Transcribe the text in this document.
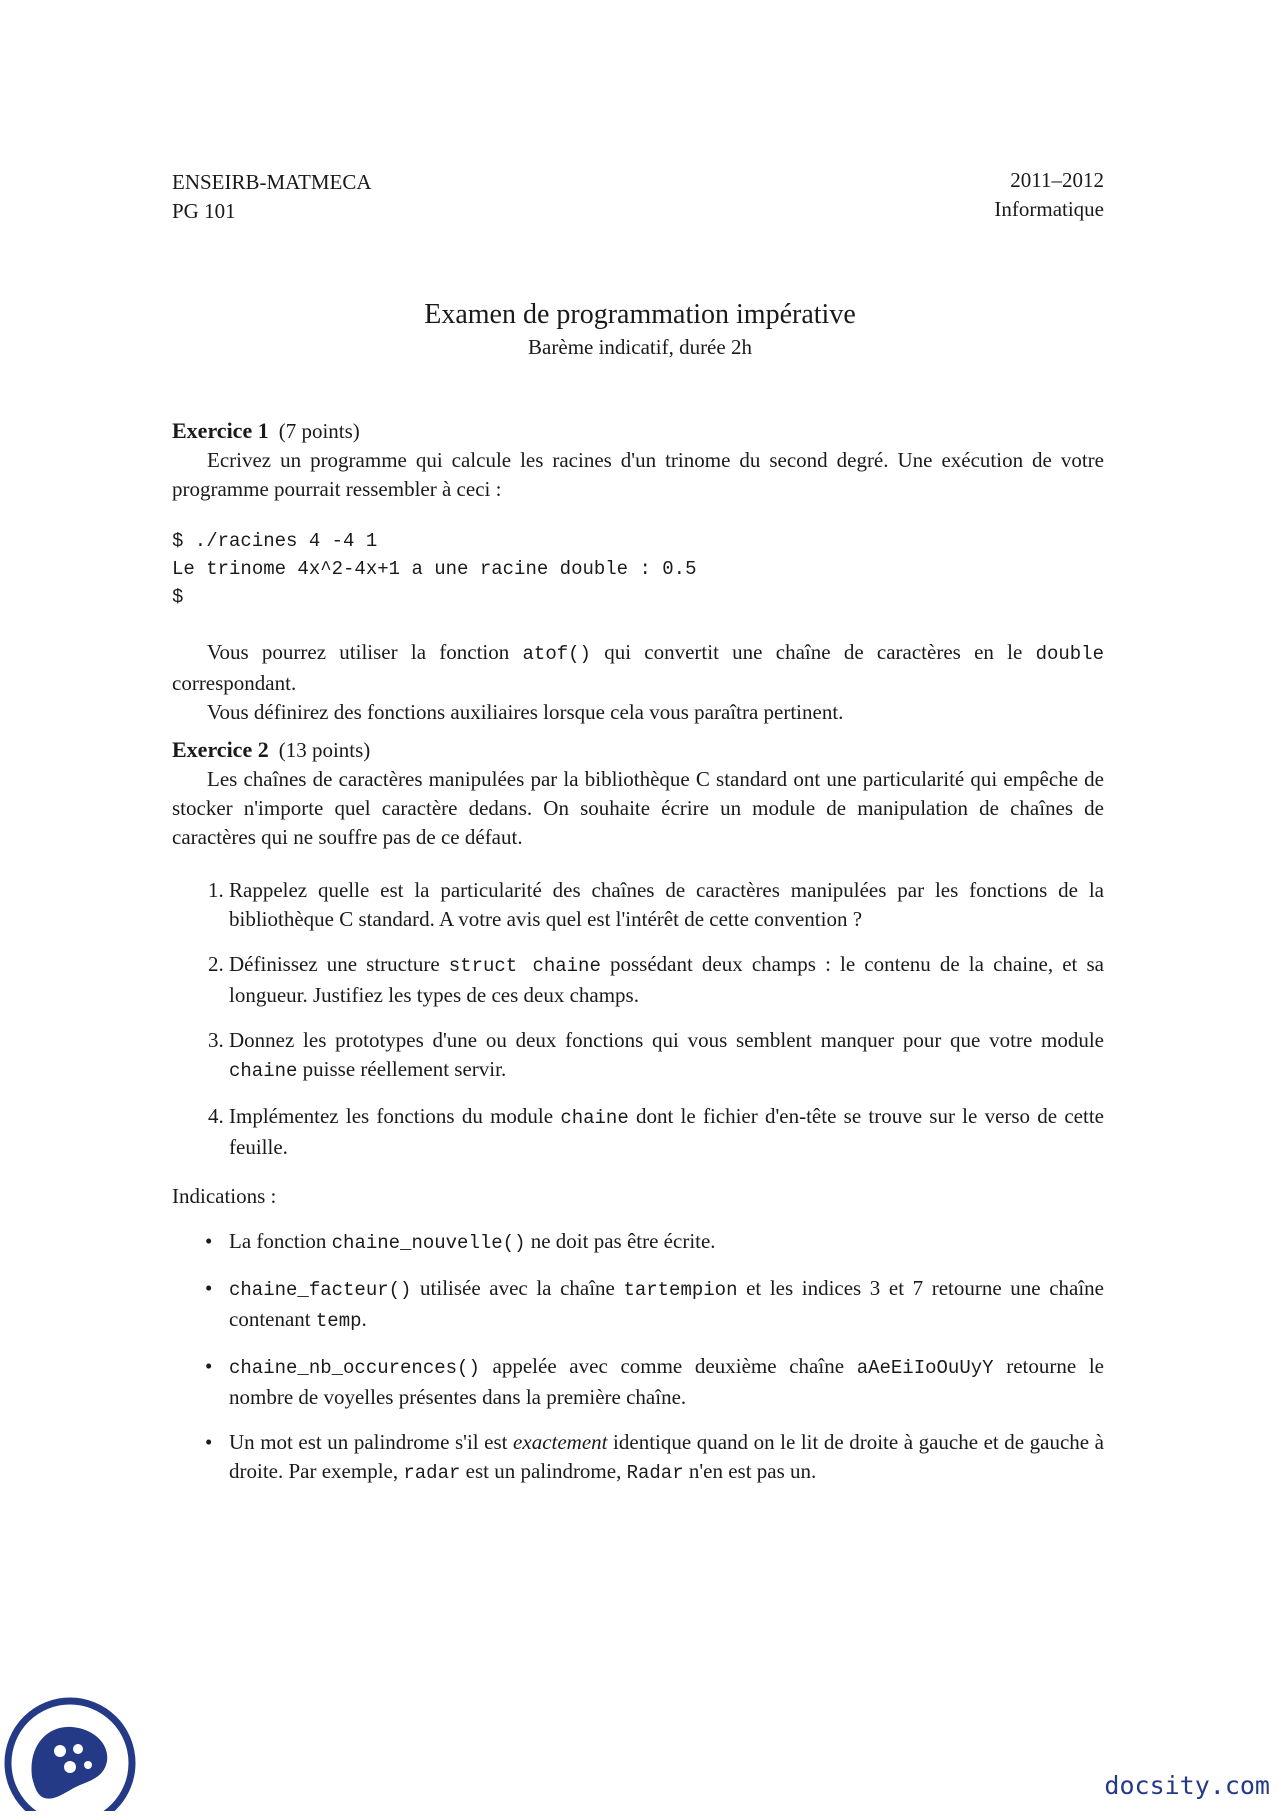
ENSEIRB-MATMECA
PG 101
2011–2012
Informatique
Examen de programmation impérative
Barème indicatif, durée 2h
Exercice 1 (7 points)

Ecrivez un programme qui calcule les racines d'un trinome du second degré. Une exécution de votre programme pourrait ressembler à ceci :

$ ./racines 4 -4 1
Le trinome 4x^2-4x+1 a une racine double : 0.5
$

Vous pourrez utiliser la fonction atof() qui convertit une chaîne de caractères en le double correspondant.

Vous définirez des fonctions auxiliaires lorsque cela vous paraîtra pertinent.

Exercice 2 (13 points)

Les chaînes de caractères manipulées par la bibliothèque C standard ont une particularité qui empêche de stocker n'importe quel caractère dedans. On souhaite écrire un module de manipulation de chaînes de caractères qui ne souffre pas de ce défaut.

1. Rappelez quelle est la particularité des chaînes de caractères manipulées par les fonctions de la bibliothèque C standard. A votre avis quel est l'intérêt de cette convention ?
2. Définissez une structure struct chaine possédant deux champs : le contenu de la chaine, et sa longueur. Justifiez les types de ces deux champs.
3. Donnez les prototypes d'une ou deux fonctions qui vous semblent manquer pour que votre module chaine puisse réellement servir.
4. Implémentez les fonctions du module chaine dont le fichier d'en-tête se trouve sur le verso de cette feuille.

Indications :

• La fonction chaine_nouvelle() ne doit pas être écrite.
• chaine_facteur() utilisée avec la chaîne tartempion et les indices 3 et 7 retourne une chaîne contenant temp.
• chaine_nb_occurences() appelée avec comme deuxième chaîne aAeEiIoOuUyY retourne le nombre de voyelles présentes dans la première chaîne.
• Un mot est un palindrome s'il est exactement identique quand on le lit de droite à gauche et de gauche à droite. Par exemple, radar est un palindrome, Radar n'en est pas un.
docsity.com
